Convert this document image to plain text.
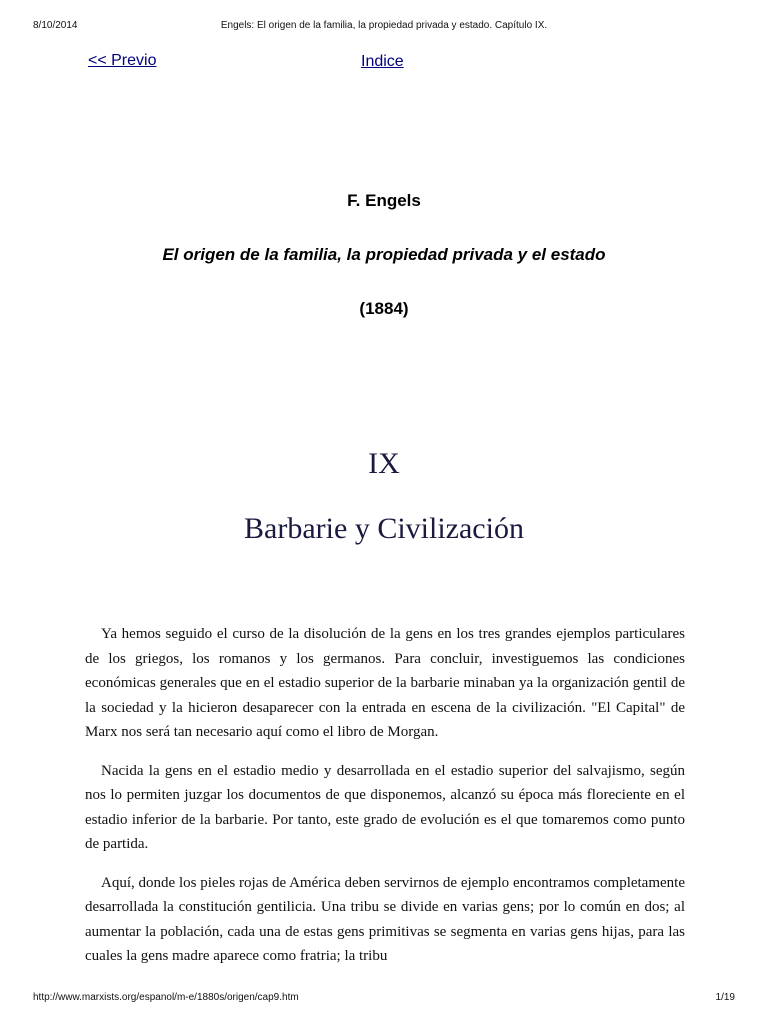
8/10/2014	Engels: El origen de la familia, la propiedad privada y estado. Capítulo IX.
<< Previo	Indice
F. Engels
El origen de la familia, la propiedad privada y el estado
(1884)
IX
Barbarie y Civilización

Ya hemos seguido el curso de la disolución de la gens en los tres grandes ejemplos particulares de los griegos, los romanos y los germanos. Para concluir, investiguemos las condiciones económicas generales que en el estadio superior de la barbarie minaban ya la organización gentil de la sociedad y la hicieron desaparecer con la entrada en escena de la civilización. "El Capital" de Marx nos será tan necesario aquí como el libro de Morgan.

Nacida la gens en el estadio medio y desarrollada en el estadio superior del salvajismo, según nos lo permiten juzgar los documentos de que disponemos, alcanzó su época más floreciente en el estadio inferior de la barbarie. Por tanto, este grado de evolución es el que tomaremos como punto de partida.

Aquí, donde los pieles rojas de América deben servirnos de ejemplo encontramos completamente desarrollada la constitución gentilicia. Una tribu se divide en varias gens; por lo común en dos; al aumentar la población, cada una de estas gens primitivas se segmenta en varias gens hijas, para las cuales la gens madre aparece como fratria; la tribu

http://www.marxists.org/espanol/m-e/1880s/origen/cap9.htm	1/19
